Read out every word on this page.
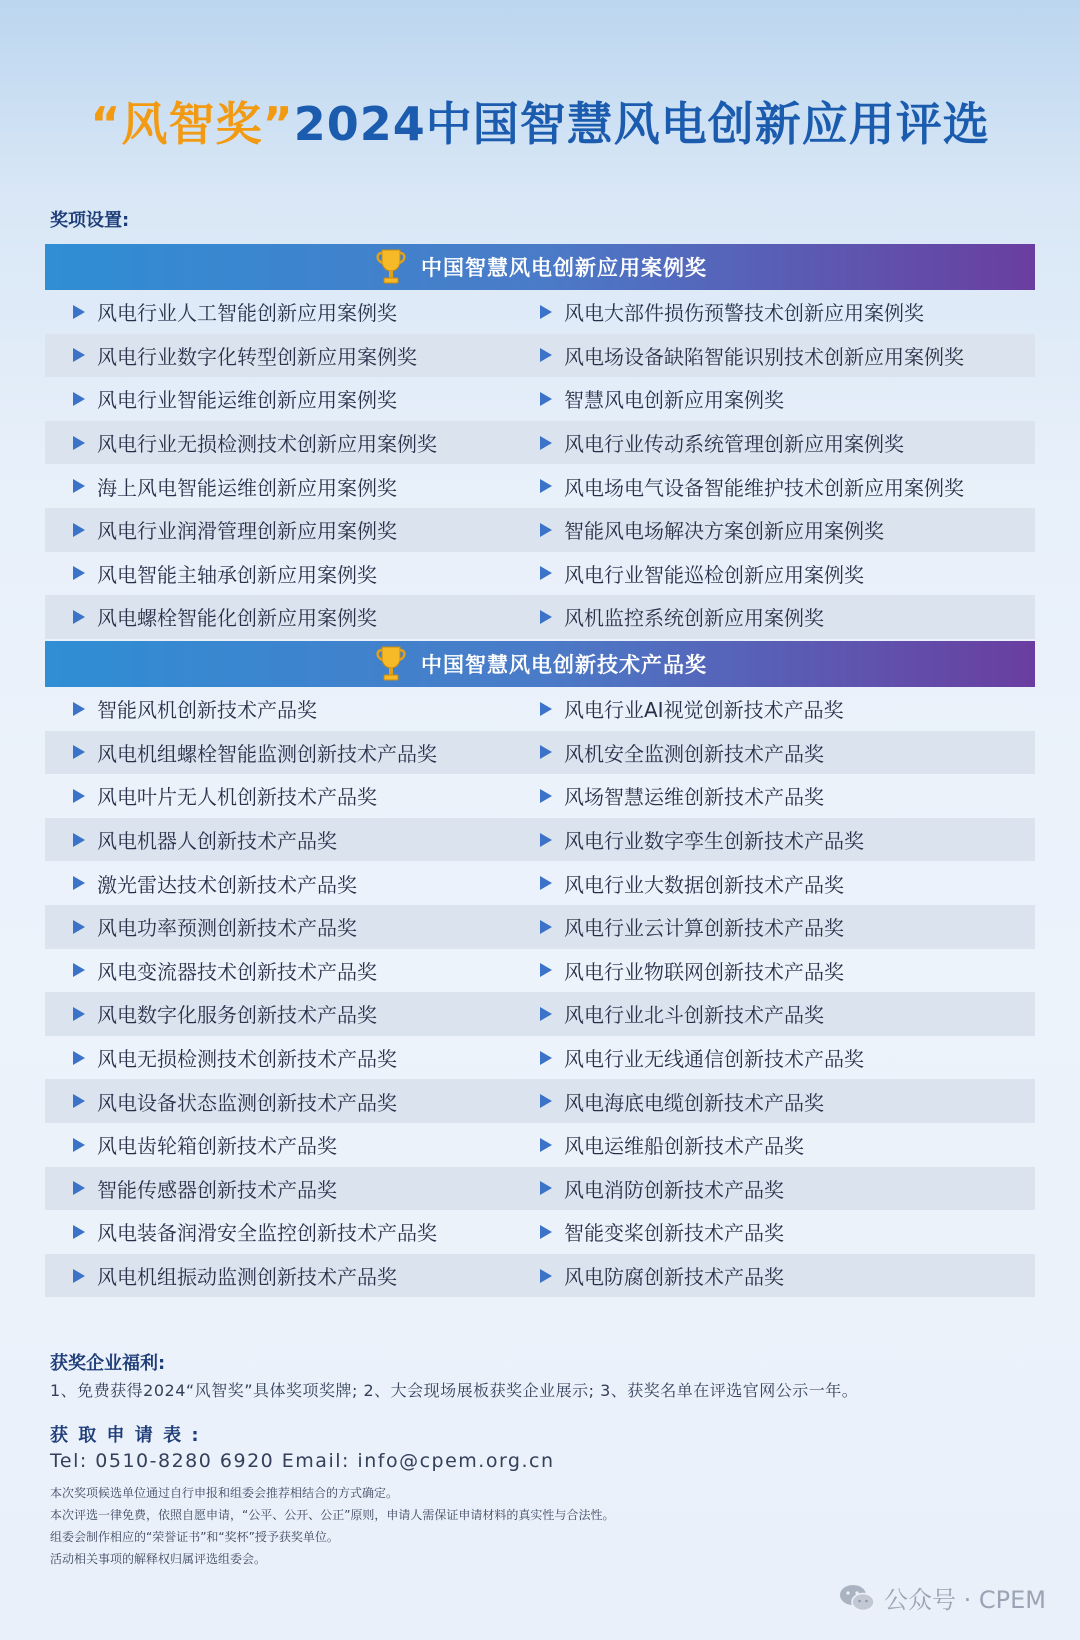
“风智奖”2024中国智慧风电创新应用评选
奖项设置:
中国智慧风电创新应用案例奖
风电行业人工智能创新应用案例奖	风电大部件损伤预警技术创新应用案例奖
风电行业数字化转型创新应用案例奖	风电场设备缺陷智能识别技术创新应用案例奖
风电行业智能运维创新应用案例奖	智慧风电创新应用案例奖
风电行业无损检测技术创新应用案例奖	风电行业传动系统管理创新应用案例奖
海上风电智能运维创新应用案例奖	风电场电气设备智能维护技术创新应用案例奖
风电行业润滑管理创新应用案例奖	智能风电场解决方案创新应用案例奖
风电智能主轴承创新应用案例奖	风电行业智能巡检创新应用案例奖
风电螺栓智能化创新应用案例奖	风机监控系统创新应用案例奖
中国智慧风电创新技术产品奖
智能风机创新技术产品奖	风电行业AI视觉创新技术产品奖
风电机组螺栓智能监测创新技术产品奖	风机安全监测创新技术产品奖
风电叶片无人机创新技术产品奖	风场智慧运维创新技术产品奖
风电机器人创新技术产品奖	风电行业数字孪生创新技术产品奖
激光雷达技术创新技术产品奖	风电行业大数据创新技术产品奖
风电功率预测创新技术产品奖	风电行业云计算创新技术产品奖
风电变流器技术创新技术产品奖	风电行业物联网创新技术产品奖
风电数字化服务创新技术产品奖	风电行业北斗创新技术产品奖
风电无损检测技术创新技术产品奖	风电行业无线通信创新技术产品奖
风电设备状态监测创新技术产品奖	风电海底电缆创新技术产品奖
风电齿轮箱创新技术产品奖	风电运维船创新技术产品奖
智能传感器创新技术产品奖	风电消防创新技术产品奖
风电装备润滑安全监控创新技术产品奖	智能变桨创新技术产品奖
风电机组振动监测创新技术产品奖	风电防腐创新技术产品奖
获奖企业福利:
1、免费获得2024“风智奖”具体奖项奖牌; 2、大会现场展板获奖企业展示; 3、获奖名单在评选官网公示一年。
获 取 申 请 表 :
Tel: 0510-8280 6920 Email: info@cpem.org.cn
本次奖项候选单位通过自行申报和组委会推荐相结合的方式确定。
本次评选一律免费，依照自愿申请，“公平、公开、公正”原则，申请人需保证申请材料的真实性与合法性。
组委会制作相应的“荣誉证书”和“奖杯”授予获奖单位。
活动相关事项的解释权归属评选组委会。
公众号 · CPEM
